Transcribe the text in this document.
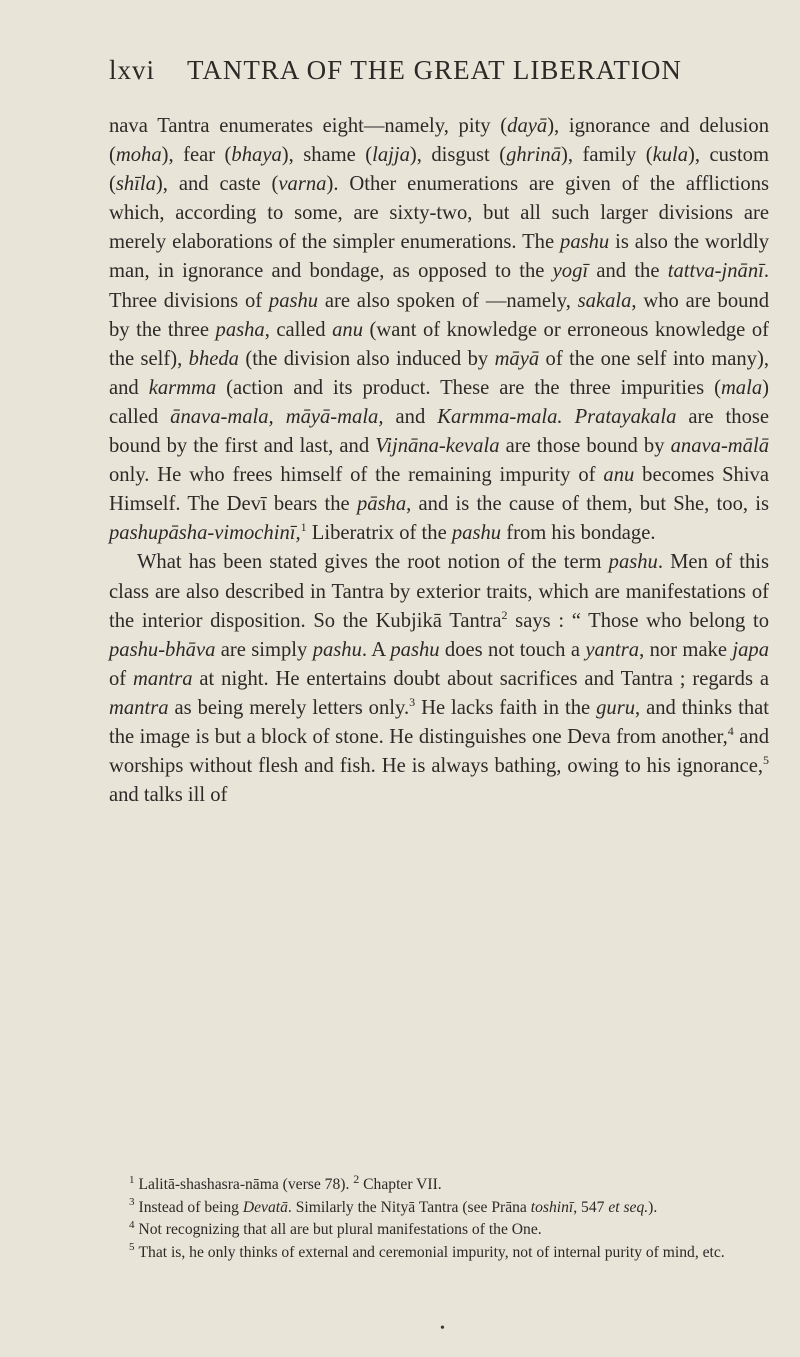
lxvi TANTRA OF THE GREAT LIBERATION

nava Tantra enumerates eight—namely, pity (dayā), ignorance and delusion (moha), fear (bhaya), shame (lajja), disgust (ghrinā), family (kula), custom (shīla), and caste (varna). Other enumerations are given of the afflictions which, according to some, are sixty-two, but all such larger divisions are merely elaborations of the simpler enumerations. The pashu is also the worldly man, in ignorance and bondage, as opposed to the yogī and the tattva-jnānī. Three divisions of pashu are also spoken of —namely, sakala, who are bound by the three pasha, called anu (want of knowledge or erroneous knowledge of the self), bheda (the division also induced by māyā of the one self into many), and karmma (action and its product. These are the three impurities (mala) called ānava-mala, māyā-mala, and Karmma-mala. Pratayakala are those bound by the first and last, and Vijnāna-kevala are those bound by anava-mālā only. He who frees himself of the remaining impurity of anu becomes Shiva Himself. The Devī bears the pāsha, and is the cause of them, but She, too, is pashupāsha-vimochinī,$^1$ Liberatrix of the pashu from his bondage.

What has been stated gives the root notion of the term pashu. Men of this class are also described in Tantra by exterior traits, which are manifestations of the interior disposition. So the Kubjikā Tantra$^2$ says : “ Those who belong to pashu-bhāva are simply pashu. A pashu does not touch a yantra, nor make japa of mantra at night. He entertains doubt about sacrifices and Tantra ; regards a mantra as being merely letters only.$^3$ He lacks faith in the guru, and thinks that the image is but a block of stone. He distinguishes one Deva from another,$^4$ and worships without flesh and fish. He is always bathing, owing to his ignorance,$^5$ and talks ill of

$^1$ Lalitā-shashasra-nāma (verse 78). $^2$ Chapter VII.

$^3$ Instead of being Devatā. Similarly the Nityā Tantra (see Prāna toshinī, 547 et seq.).

$^4$ Not recognizing that all are but plural manifestations of the One.

$^5$ That is, he only thinks of external and ceremonial impurity, not of internal purity of mind, etc.

•
